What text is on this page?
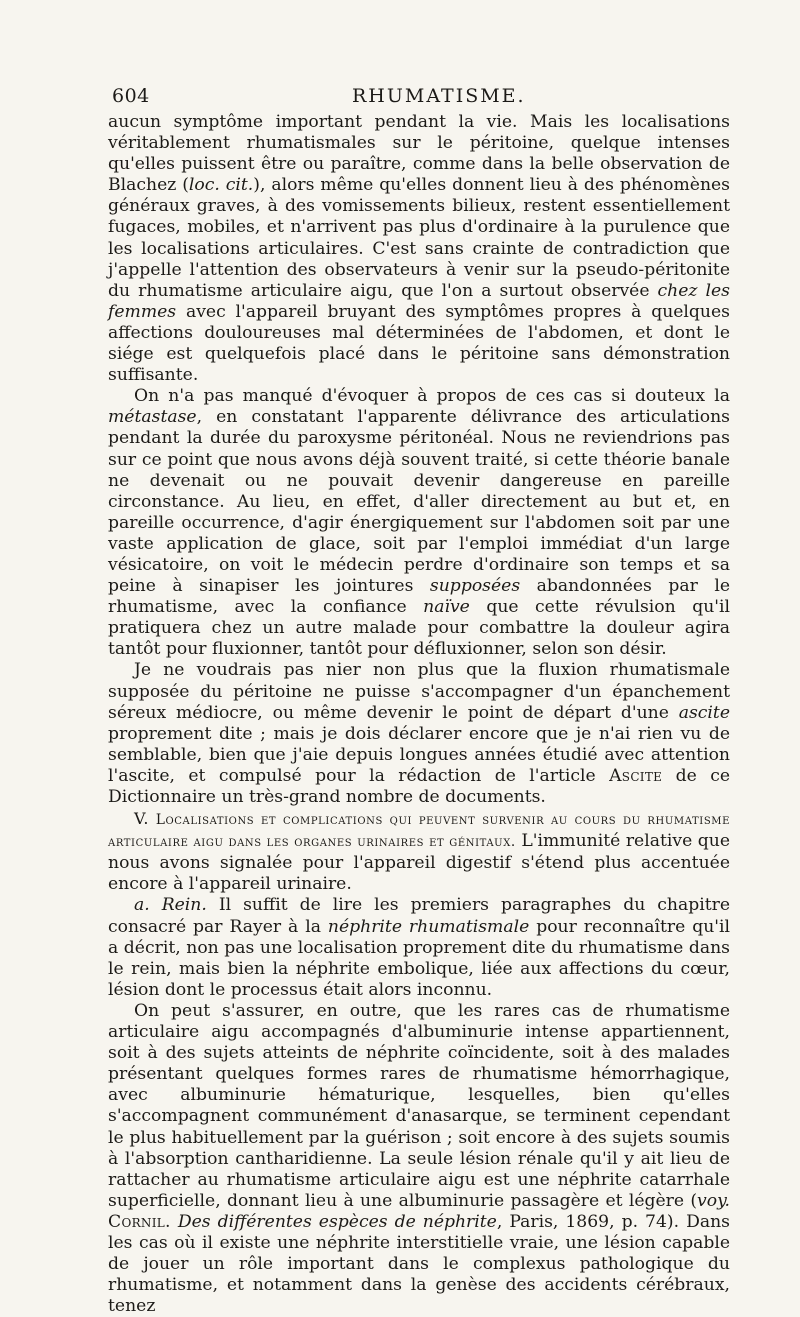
604	RHUMATISME.

aucun symptôme important pendant la vie. Mais les localisations véritablement rhumatismales sur le péritoine, quelque intenses qu'elles puissent être ou paraître, comme dans la belle observation de Blachez (loc. cit.), alors même qu'elles donnent lieu à des phénomènes généraux graves, à des vomissements bilieux, restent essentiellement fugaces, mobiles, et n'arrivent pas plus d'ordinaire à la purulence que les localisations articulaires. C'est sans crainte de contradiction que j'appelle l'attention des observateurs à venir sur la pseudo-péritonite du rhumatisme articulaire aigu, que l'on a surtout observée chez les femmes avec l'appareil bruyant des symptômes propres à quelques affections douloureuses mal déterminées de l'abdomen, et dont le siége est quelquefois placé dans le péritoine sans démonstration suffisante.

On n'a pas manqué d'évoquer à propos de ces cas si douteux la métastase, en constatant l'apparente délivrance des articulations pendant la durée du paroxysme péritonéal. Nous ne reviendrions pas sur ce point que nous avons déjà souvent traité, si cette théorie banale ne devenait ou ne pouvait devenir dangereuse en pareille circonstance. Au lieu, en effet, d'aller directement au but et, en pareille occurrence, d'agir énergiquement sur l'abdomen soit par une vaste application de glace, soit par l'emploi immédiat d'un large vésicatoire, on voit le médecin perdre d'ordinaire son temps et sa peine à sinapiser les jointures supposées abandonnées par le rhumatisme, avec la confiance naïve que cette révulsion qu'il pratiquera chez un autre malade pour combattre la douleur agira tantôt pour fluxionner, tantôt pour défluxionner, selon son désir.

Je ne voudrais pas nier non plus que la fluxion rhumatismale supposée du péritoine ne puisse s'accompagner d'un épanchement séreux médiocre, ou même devenir le point de départ d'une ascite proprement dite ; mais je dois déclarer encore que je n'ai rien vu de semblable, bien que j'aie depuis longues années étudié avec attention l'ascite, et compulsé pour la rédaction de l'article Ascite de ce Dictionnaire un très-grand nombre de documents.

V. Localisations et complications qui peuvent survenir au cours du rhumatisme articulaire aigu dans les organes urinaires et génitaux. L'immunité relative que nous avons signalée pour l'appareil digestif s'étend plus accentuée encore à l'appareil urinaire.

a. Rein. Il suffit de lire les premiers paragraphes du chapitre consacré par Rayer à la néphrite rhumatismale pour reconnaître qu'il a décrit, non pas une localisation proprement dite du rhumatisme dans le rein, mais bien la néphrite embolique, liée aux affections du cœur, lésion dont le processus était alors inconnu.

On peut s'assurer, en outre, que les rares cas de rhumatisme articulaire aigu accompagnés d'albuminurie intense appartiennent, soit à des sujets atteints de néphrite coïncidente, soit à des malades présentant quelques formes rares de rhumatisme hémorrhagique, avec albuminurie hématurique, lesquelles, bien qu'elles s'accompagnent communément d'anasarque, se terminent cependant le plus habituellement par la guérison ; soit encore à des sujets soumis à l'absorption cantharidienne. La seule lésion rénale qu'il y ait lieu de rattacher au rhumatisme articulaire aigu est une néphrite catarrhale superficielle, donnant lieu à une albuminurie passagère et légère (voy. Cornil. Des différentes espèces de néphrite, Paris, 1869, p. 74). Dans les cas où il existe une néphrite interstitielle vraie, une lésion capable de jouer un rôle important dans le complexus pathologique du rhumatisme, et notamment dans la genèse des accidents cérébraux, tenez
